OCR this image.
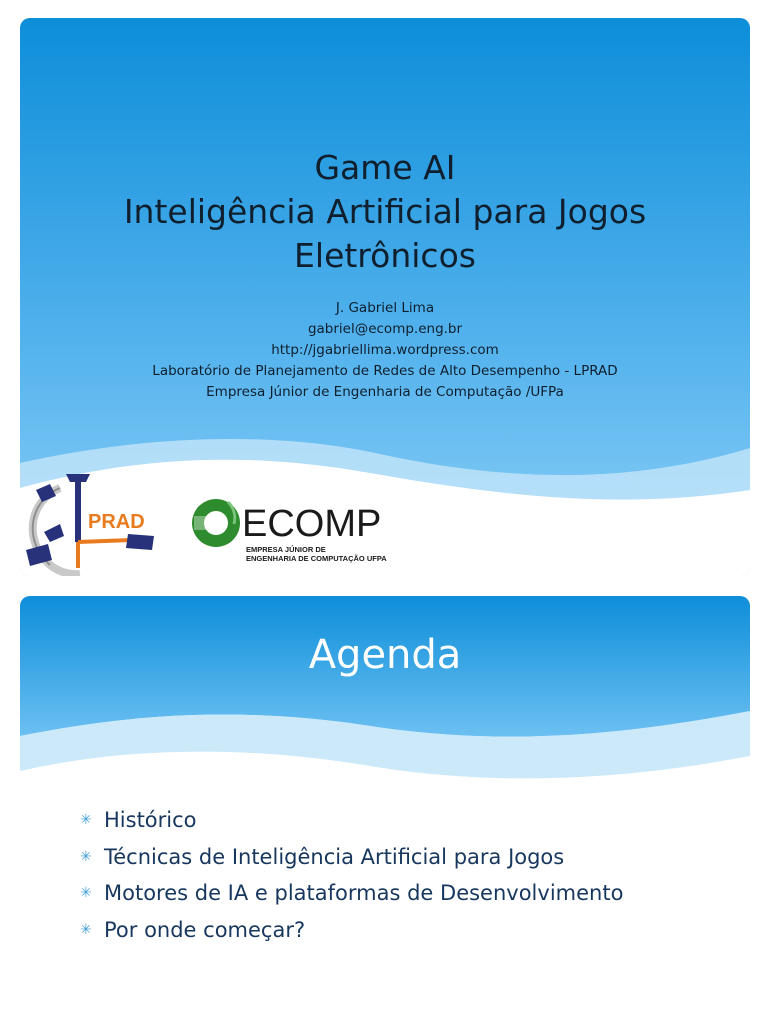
Game AI
Inteligência Artificial para Jogos
Eletrônicos
J. Gabriel Lima
gabriel@ecomp.eng.br
http://jgabriellima.wordpress.com
Laboratório de Planejamento de Redes de Alto Desempenho - LPRAD
Empresa Júnior de Engenharia de Computação /UFPa
PRAD	ECOMP
EMPRESA JÚNIOR DE
ENGENHARIA DE COMPUTAÇÃO UFPA
Agenda
✳ Histórico
✳ Técnicas de Inteligência Artificial para Jogos
✳ Motores de IA e plataformas de Desenvolvimento
✳ Por onde começar?
